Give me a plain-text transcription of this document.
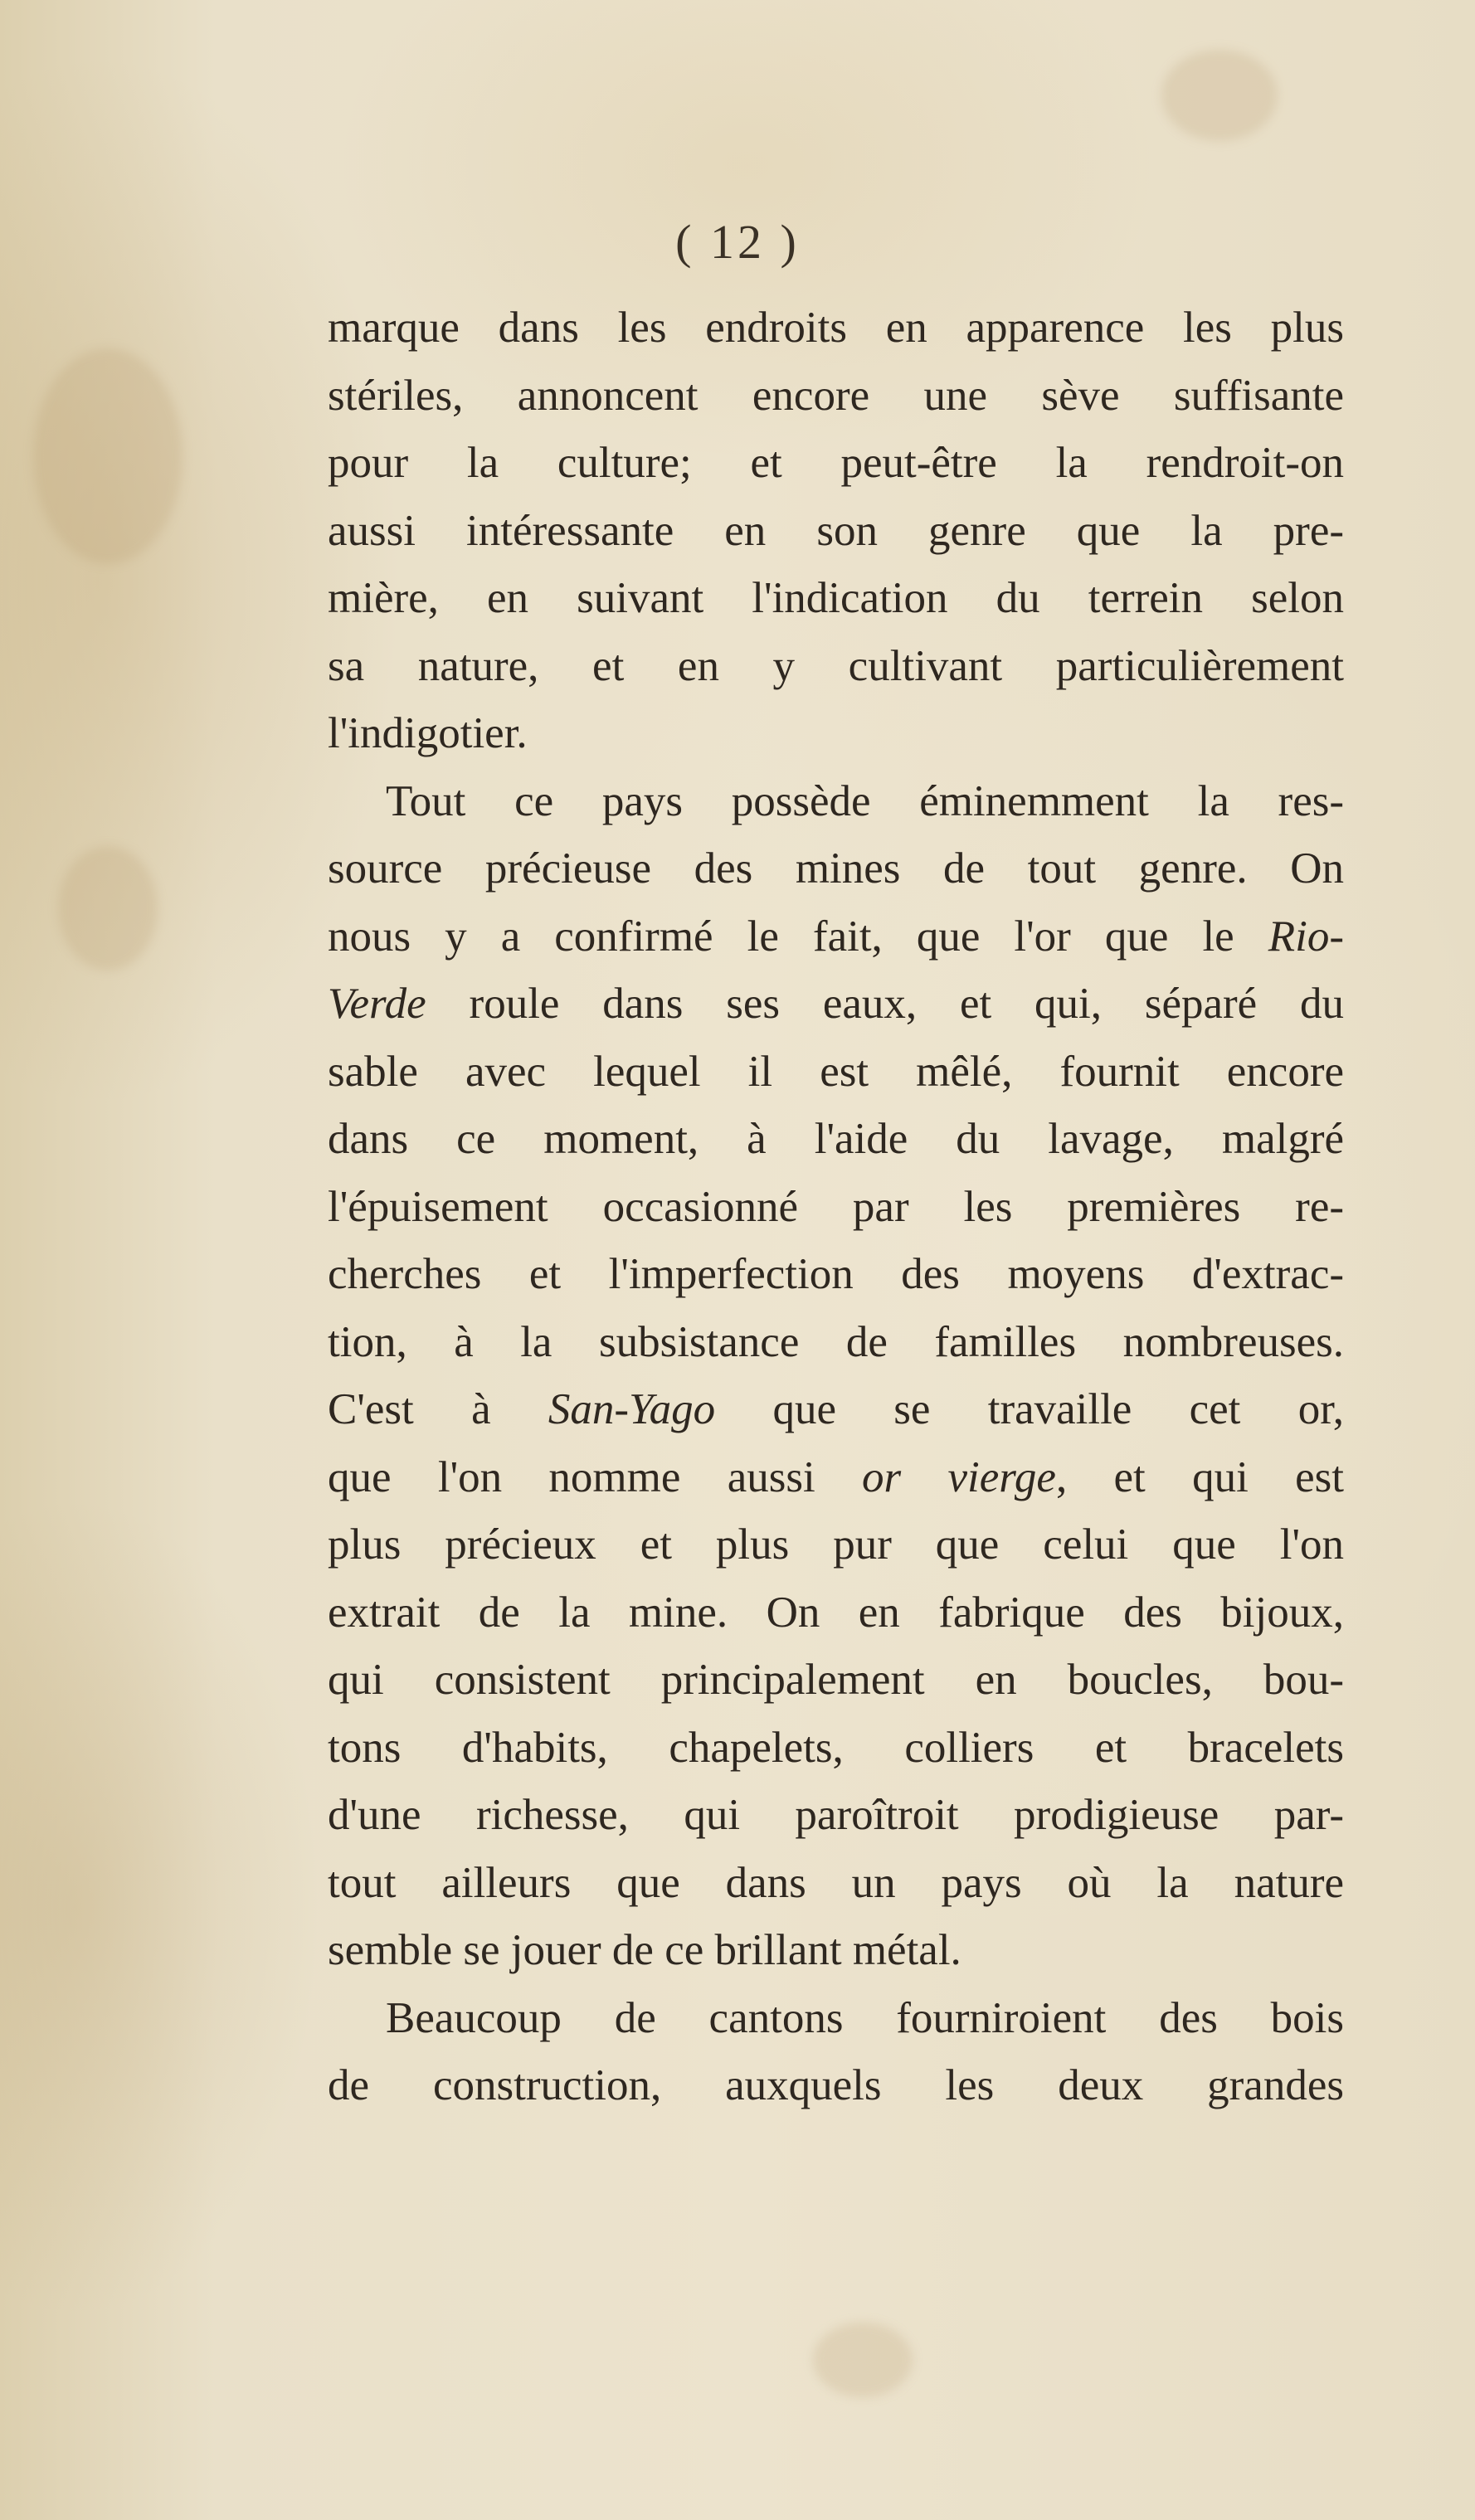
( 12 )
marque dans les endroits en apparence les plus
stériles, annoncent encore une sève suffisante
pour la culture; et peut-être la rendroit-on
aussi intéressante en son genre que la pre-
mière, en suivant l'indication du terrein selon
sa nature, et en y cultivant particulièrement
l'indigotier.
Tout ce pays possède éminemment la res-
source précieuse des mines de tout genre. On
nous y a confirmé le fait, que l'or que le Rio-
Verde roule dans ses eaux, et qui, séparé du
sable avec lequel il est mêlé, fournit encore
dans ce moment, à l'aide du lavage, malgré
l'épuisement occasionné par les premières re-
cherches et l'imperfection des moyens d'extrac-
tion, à la subsistance de familles nombreuses.
C'est à San-Yago que se travaille cet or,
que l'on nomme aussi or vierge, et qui est
plus précieux et plus pur que celui que l'on
extrait de la mine. On en fabrique des bijoux,
qui consistent principalement en boucles, bou-
tons d'habits, chapelets, colliers et bracelets
d'une richesse, qui paroîtroit prodigieuse par-
tout ailleurs que dans un pays où la nature
semble se jouer de ce brillant métal.
Beaucoup de cantons fourniroient des bois
de construction, auxquels les deux grandes
